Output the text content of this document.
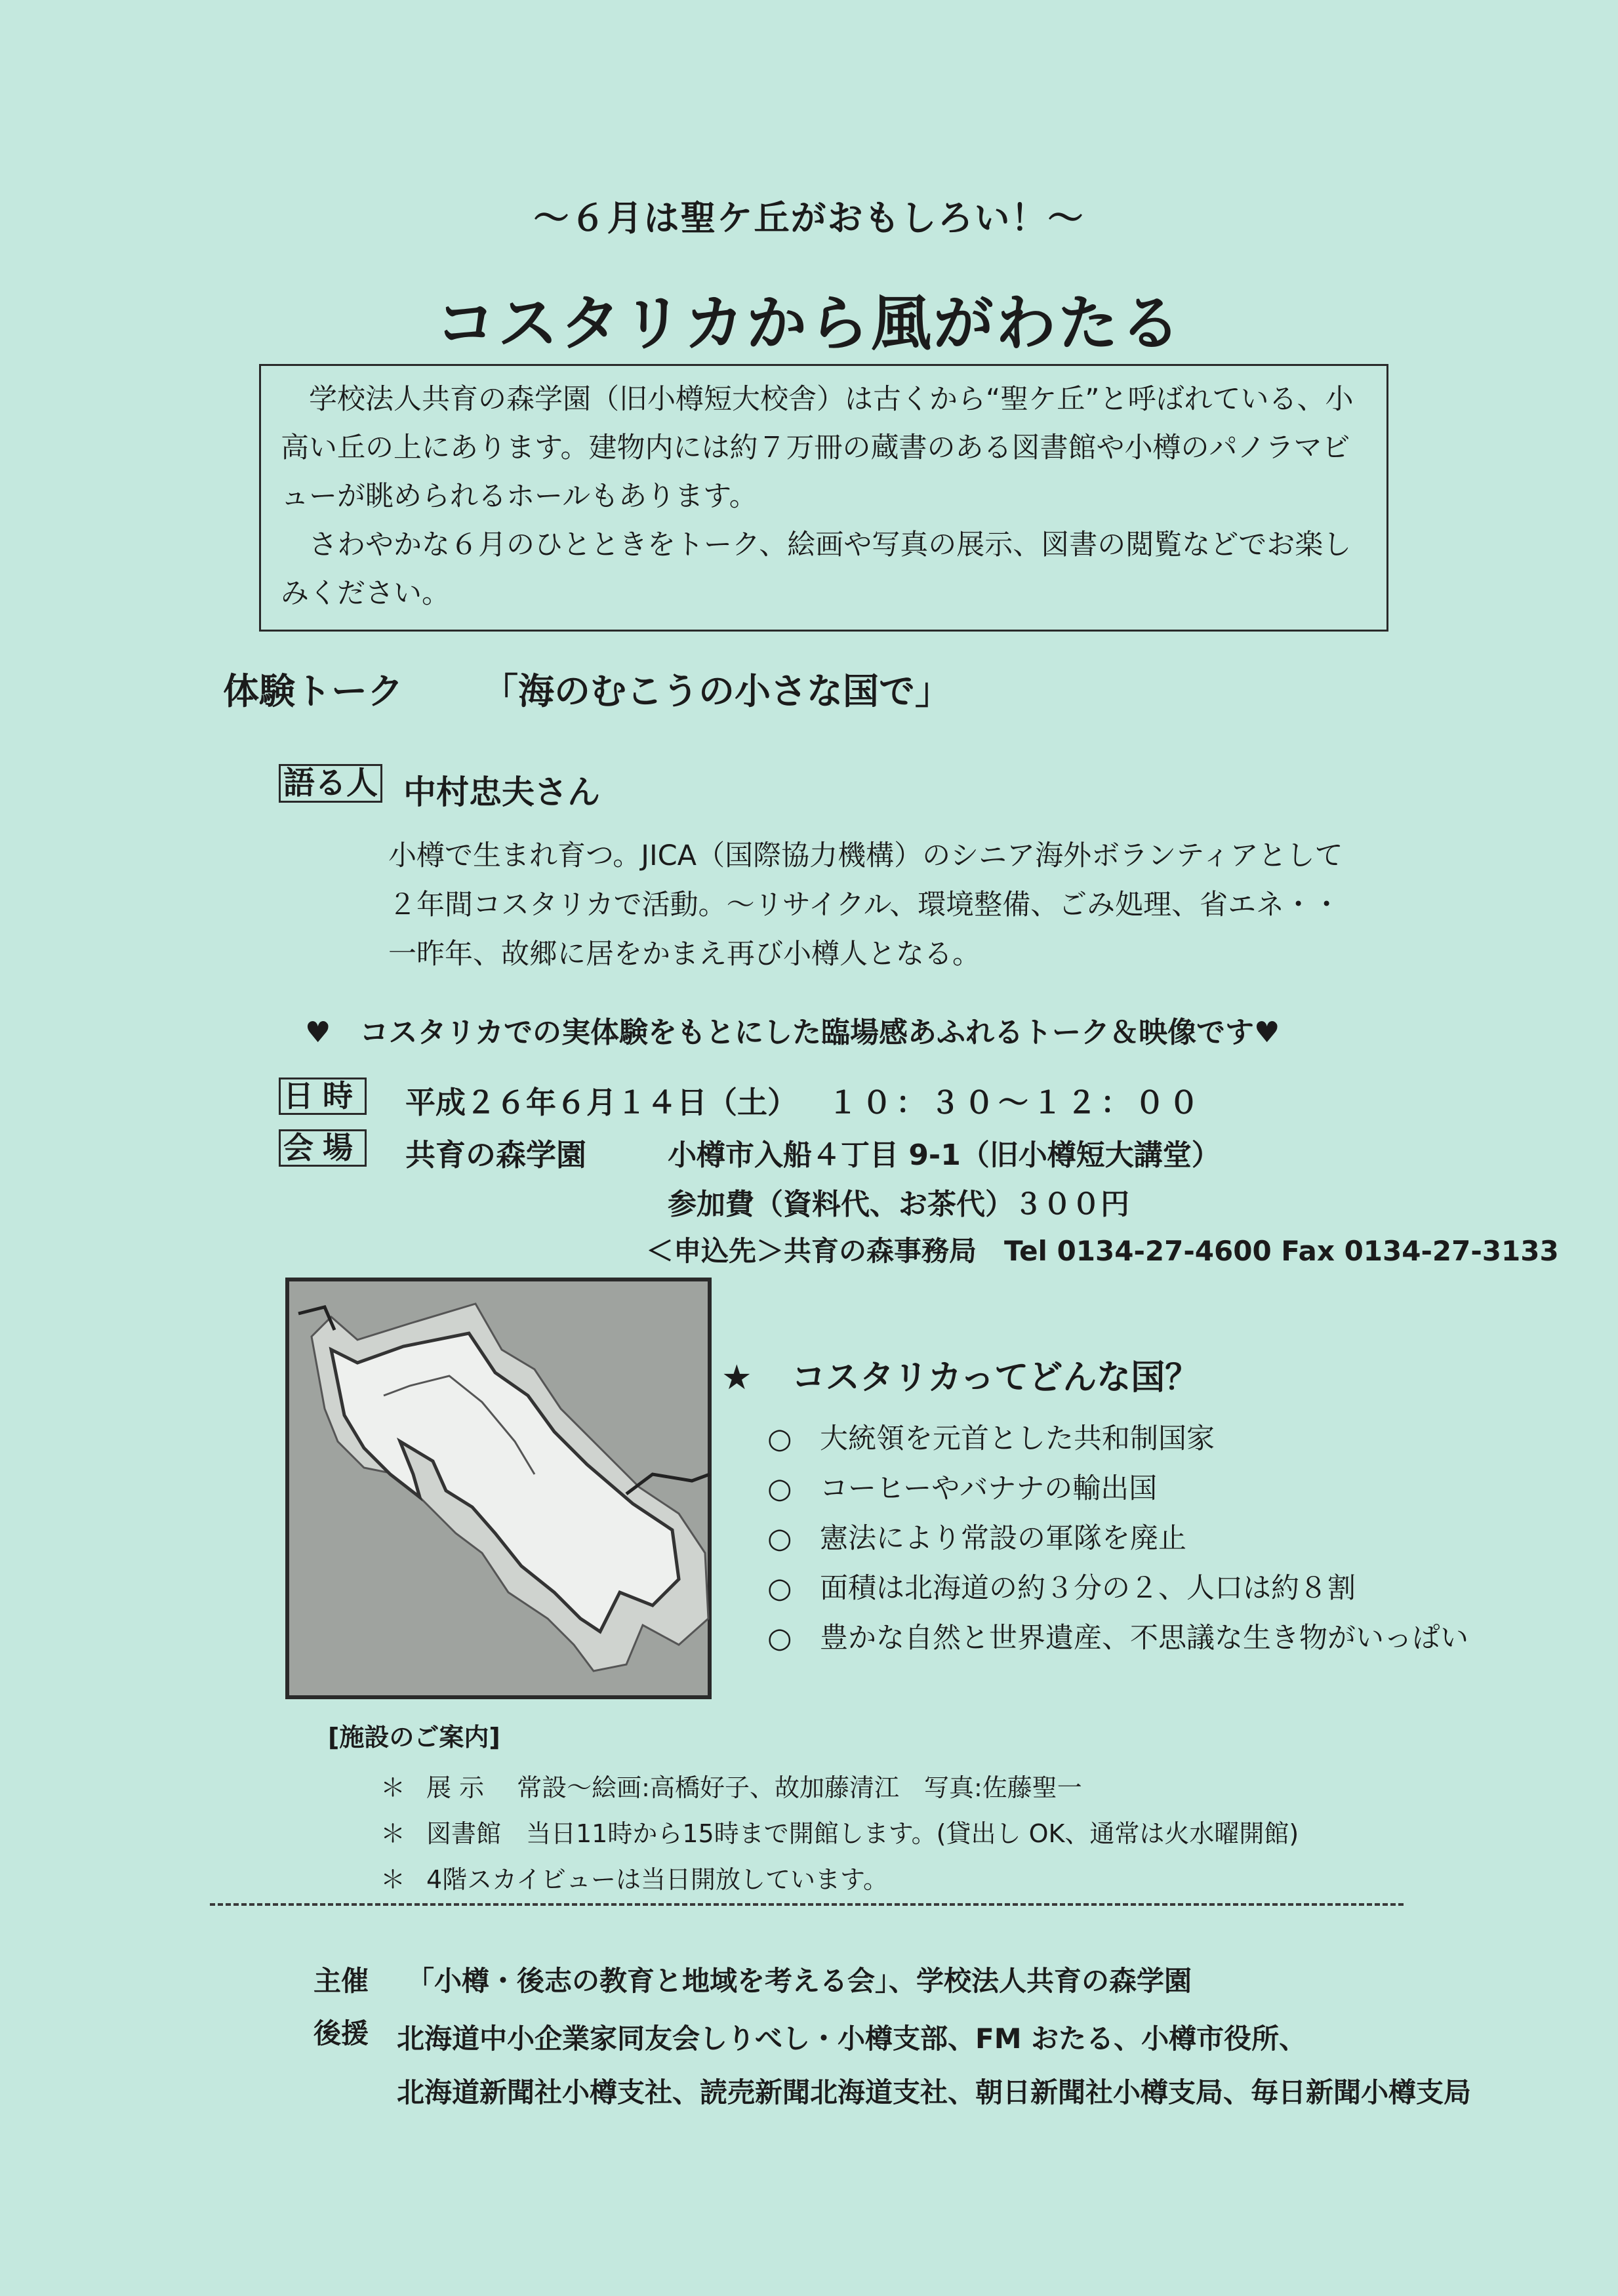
～６月は聖ケ丘がおもしろい！～
コスタリカから風がわたる

　学校法人共育の森学園（旧小樽短大校舎）は古くから“聖ケ丘”と呼ばれている、小高い丘の上にあります。建物内には約７万冊の蔵書のある図書館や小樽のパノラマビューが眺められるホールもあります。

　さわやかな６月のひとときをトーク、絵画や写真の展示、図書の閲覧などでお楽しみください。

体験トーク 「海のむこうの小さな国で」
語る人 中村忠夫さん
小樽で生まれ育つ。JICA（国際協力機構）のシニア海外ボランティアとして
２年間コスタリカで活動。～リサイクル、環境整備、ごみ処理、省エネ・・
一昨年、故郷に居をかまえ再び小樽人となる。
♥　コスタリカでの実体験をもとにした臨場感あふれるトーク＆映像です♥
日時 平成２６年６月１４日（土） １０：３０～１２：００
会場 共育の森学園	小樽市入船４丁目 9-1（旧小樽短大講堂）
参加費（資料代、お茶代）３００円
＜申込先＞共育の森事務局　Tel 0134-27-4600 Fax 0134-27-3133
★ コスタリカってどんな国？
○ 大統領を元首とした共和制国家
○ コーヒーやバナナの輸出国
○ 憲法により常設の軍隊を廃止
○ 面積は北海道の約３分の２、人口は約８割
○ 豊かな自然と世界遺産、不思議な生き物がいっぱい
[施設のご案内]
＊ 展 示　 常設～絵画:高橋好子、故加藤清江　写真:佐藤聖一
＊ 図書館　当日11時から15時まで開館します。(貸出し OK、通常は火水曜開館)
＊ 4階スカイビューは当日開放しています。
主催 「小樽・後志の教育と地域を考える会」、学校法人共育の森学園
後援 北海道中小企業家同友会しりべし・小樽支部、FM おたる、小樽市役所、
北海道新聞社小樽支社、読売新聞北海道支社、朝日新聞社小樽支局、毎日新聞小樽支局
